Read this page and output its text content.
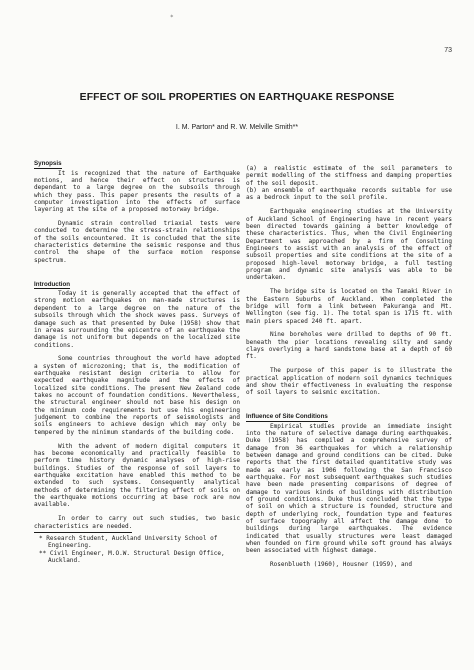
*
73
EFFECT OF SOIL PROPERTIES ON EARTHQUAKE RESPONSE
I. M. Parton* and R. W. Melville Smith**
Synopsis

It is recognized that the nature of Earthquake motions, and hence their effect on structures is dependant to a large degree on the subsoils through which they pass. This paper presents the results of a computer investigation into the effects of surface layering at the site of a proposed motorway bridge.

Dynamic strain controlled triaxial tests were conducted to determine the stress-strain relationships of the soils encountered. It is concluded that the site characteristics determine the seismic response and thus control the shape of the surface motion response spectrum.

Introduction

Today it is generally accepted that the effect of strong motion earthquakes on man-made structures is dependent to a large degree on the nature of the subsoils through which the shock waves pass. Surveys of damage such as that presented by Duke (1958) show that in areas surrounding the epicentre of an earthquake the damage is not uniform but depends on the localized site conditions.

Some countries throughout the world have adopted a system of microzoning; that is, the modification of earthquake resistant design criteria to allow for expected earthquake magnitude and the effects of localized site conditions. The present New Zealand code takes no account of foundation conditions. Nevertheless, the structural engineer should not base his design on the minimum code requirements but use his engineering judgement to combine the reports of seismologists and soils engineers to achieve design which may only be tempered by the minimum standards of the building code.

With the advent of modern digital computers it has become economically and practically feasible to perform time history dynamic analyses of high-rise buildings. Studies of the response of soil layers to earthquake excitation have enabled this method to be extended to such systems. Consequently analytical methods of determining the filtering effect of soils on the earthquake motions occurring at base rock are now available.

In order to carry out such studies, two basic characteristics are needed.

* Research Student, Auckland University School of Engineering.
** Civil Engineer, M.O.W. Structural Design Office, Auckland.

(a) a realistic estimate of the soil parameters to permit modelling of the stiffness and damping properties of the soil deposit.

(b) an ensemble of earthquake records suitable for use as a bedrock input to the soil profile.

Earthquake engineering studies at the University of Auckland School of Engineering have in recent years been directed towards gaining a better knowledge of these characteristics. Thus, when the Civil Engineering Department was approached by a firm of Consulting Engineers to assist with an analysis of the effect of subsoil properties and site conditions at the site of a proposed high-level motorway bridge, a full testing program and dynamic site analysis was able to be undertaken.

The bridge site is located on the Tamaki River in the Eastern Suburbs of Auckland. When completed the bridge will form a link between Pakuranga and Mt. Wellington (see fig. 1). The total span is 1715 ft. with main piers spaced 240 ft. apart.

Nine boreholes were drilled to depths of 90 ft. beneath the pier locations revealing silty and sandy clays overlying a hard sandstone base at a depth of 60 ft.

The purpose of this paper is to illustrate the practical application of modern soil dynamics techniques and show their effectiveness in evaluating the response of soil layers to seismic excitation.

Influence of Site Conditions

Empirical studies provide an immediate insight into the nature of selective damage during earthquakes. Duke (1958) has compiled a comprehensive survey of damage from 36 earthquakes for which a relationship between damage and ground conditions can be cited. Duke reports that the first detailed quantitative study was made as early as 1906 following the San Francisco earthquake. For most subsequent earthquakes such studies have been made presenting comparisons of degree of damage to various kinds of buildings with distribution of ground conditions. Duke thus concluded that the type of soil on which a structure is founded, structure and depth of underlying rock, foundation type and features of surface topography all affect the damage done to buildings during large earthquakes. The evidence indicated that usually structures were least damaged when founded on firm ground while soft ground has always been associated with highest damage.

Rosenblueth (1960), Housner (1959), and
